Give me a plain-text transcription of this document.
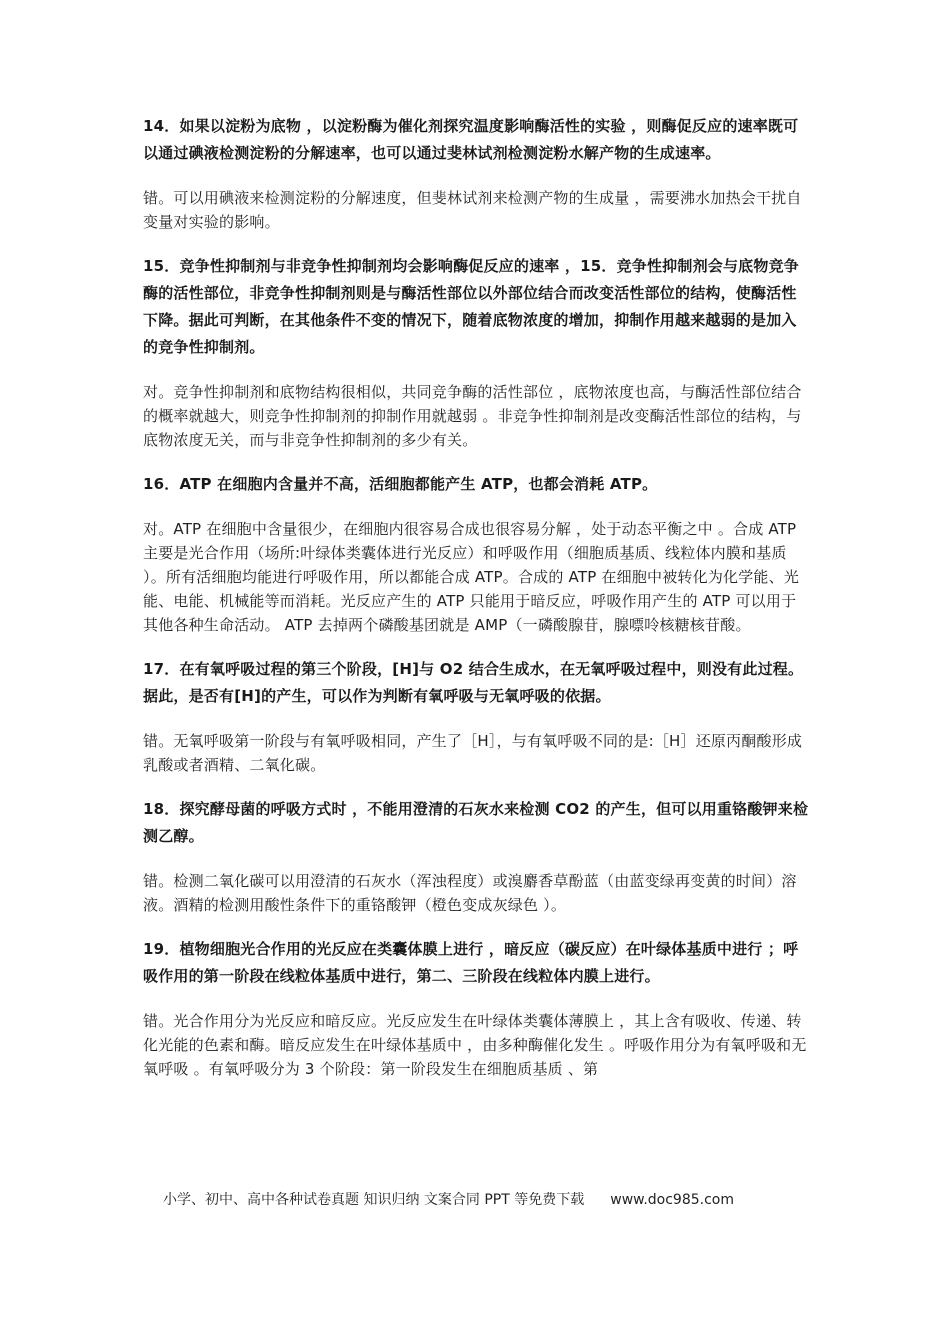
14．如果以淀粉为底物 ，以淀粉酶为催化剂探究温度影响酶活性的实验 ，则酶促反应的速率既可以通过碘液检测淀粉的分解速率，也可以通过斐林试剂检测淀粉水解产物的生成速率。

错。可以用碘液来检测淀粉的分解速度，但斐林试剂来检测产物的生成量 ，需要沸水加热会干扰自变量对实验的影响。

15．竞争性抑制剂与非竞争性抑制剂均会影响酶促反应的速率 ，15．竞争性抑制剂会与底物竞争酶的活性部位，非竞争性抑制剂则是与酶活性部位以外部位结合而改变活性部位的结构，使酶活性下降。据此可判断，在其他条件不变的情况下，随着底物浓度的增加，抑制作用越来越弱的是加入的竞争性抑制剂。

对。竞争性抑制剂和底物结构很相似，共同竞争酶的活性部位 ，底物浓度也高，与酶活性部位结合的概率就越大，则竞争性抑制剂的抑制作用就越弱 。非竞争性抑制剂是改变酶活性部位的结构，与底物浓度无关，而与非竞争性抑制剂的多少有关。

16．ATP 在细胞内含量并不高，活细胞都能产生 ATP，也都会消耗 ATP。

对。ATP 在细胞中含量很少，在细胞内很容易合成也很容易分解 ，处于动态平衡之中 。合成 ATP 主要是光合作用（场所:叶绿体类囊体进行光反应）和呼吸作用（细胞质基质、线粒体内膜和基质 ）。所有活细胞均能进行呼吸作用，所以都能合成 ATP。合成的 ATP 在细胞中被转化为化学能、光能、电能、机械能等而消耗。光反应产生的 ATP 只能用于暗反应，呼吸作用产生的 ATP 可以用于其他各种生命活动。 ATP 去掉两个磷酸基团就是 AMP（一磷酸腺苷，腺嘌呤核糖核苷酸。

17．在有氧呼吸过程的第三个阶段，[H]与 O2 结合生成水，在无氧呼吸过程中，则没有此过程。据此，是否有[H]的产生，可以作为判断有氧呼吸与无氧呼吸的依据。

错。无氧呼吸第一阶段与有氧呼吸相同，产生了［H］，与有氧呼吸不同的是:［H］还原丙酮酸形成乳酸或者酒精、二氧化碳。

18．探究酵母菌的呼吸方式时 ，不能用澄清的石灰水来检测 CO2 的产生，但可以用重铬酸钾来检测乙醇。

错。检测二氧化碳可以用澄清的石灰水（浑浊程度）或溴麝香草酚蓝（由蓝变绿再变黄的时间）溶液。酒精的检测用酸性条件下的重铬酸钾（橙色变成灰绿色 ）。

19．植物细胞光合作用的光反应在类囊体膜上进行 ，暗反应（碳反应）在叶绿体基质中进行 ；呼吸作用的第一阶段在线粒体基质中进行，第二、三阶段在线粒体内膜上进行。

错。光合作用分为光反应和暗反应。光反应发生在叶绿体类囊体薄膜上 ，其上含有吸收、传递、转化光能的色素和酶。暗反应发生在叶绿体基质中 ，由多种酶催化发生 。呼吸作用分为有氧呼吸和无氧呼吸 。有氧呼吸分为 3 个阶段：第一阶段发生在细胞质基质 、第

小学、初中、高中各种试卷真题 知识归纳 文案合同 PPT 等免费下载 www.doc985.com
